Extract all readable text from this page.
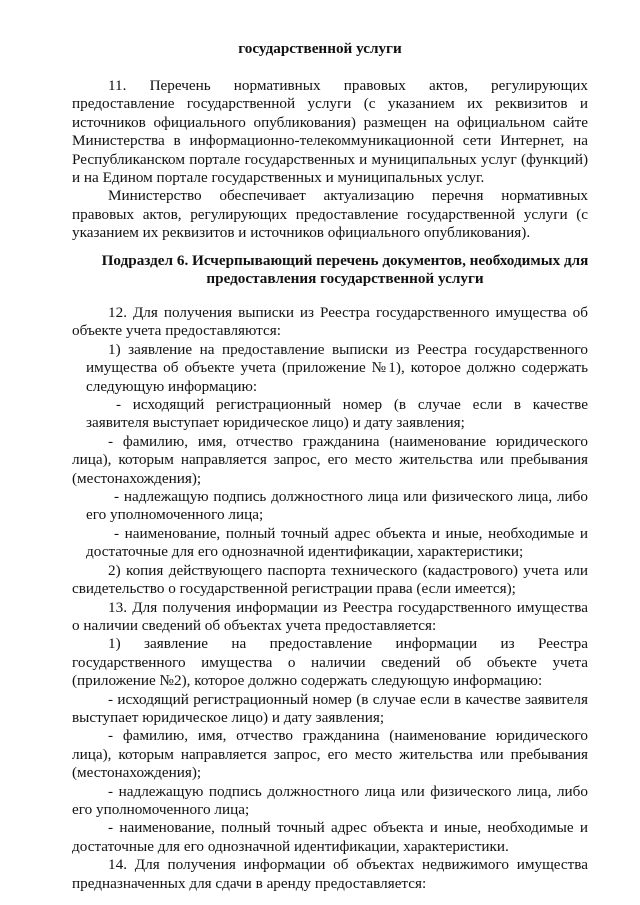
государственной услуги

11. Перечень нормативных правовых актов, регулирующих предоставление государственной услуги (с указанием их реквизитов и источников официального опубликования) размещен на официальном сайте Министерства в информационно-телекоммуникационной сети Интернет, на Республиканском портале государственных и муниципальных услуг (функций) и на Едином портале государственных и муниципальных услуг.

Министерство обеспечивает актуализацию перечня нормативных правовых актов, регулирующих предоставление государственной услуги (с указанием их реквизитов и источников официального опубликования).

Подраздел 6. Исчерпывающий перечень документов, необходимых для предоставления государственной услуги

12. Для получения выписки из Реестра государственного имущества об объекте учета предоставляются:

1) заявление на предоставление выписки из Реестра государственного имущества об объекте учета (приложение №1), которое должно содержать следующую информацию:

- исходящий регистрационный номер (в случае если в качестве заявителя выступает юридическое лицо) и дату заявления;

- фамилию, имя, отчество гражданина (наименование юридического лица), которым направляется запрос, его место жительства или пребывания (местонахождения);

- надлежащую подпись должностного лица или физического лица, либо его уполномоченного лица;

- наименование, полный точный адрес объекта и иные, необходимые и достаточные для его однозначной идентификации, характеристики;

2) копия действующего паспорта технического (кадастрового) учета или свидетельство о государственной регистрации права (если имеется);

13. Для получения информации из Реестра государственного имущества о наличии сведений об объектах учета предоставляется:

1) заявление на предоставление информации из Реестра государственного имущества о наличии сведений об объекте учета (приложение №2), которое должно содержать следующую информацию:

- исходящий регистрационный номер (в случае если в качестве заявителя выступает юридическое лицо) и дату заявления;

- фамилию, имя, отчество гражданина (наименование юридического лица), которым направляется запрос, его место жительства или пребывания (местонахождения);

- надлежащую подпись должностного лица или физического лица, либо его уполномоченного лица;

- наименование, полный точный адрес объекта и иные, необходимые и достаточные для его однозначной идентификации, характеристики.

14. Для получения информации об объектах недвижимого имущества предназначенных для сдачи в аренду предоставляется:
